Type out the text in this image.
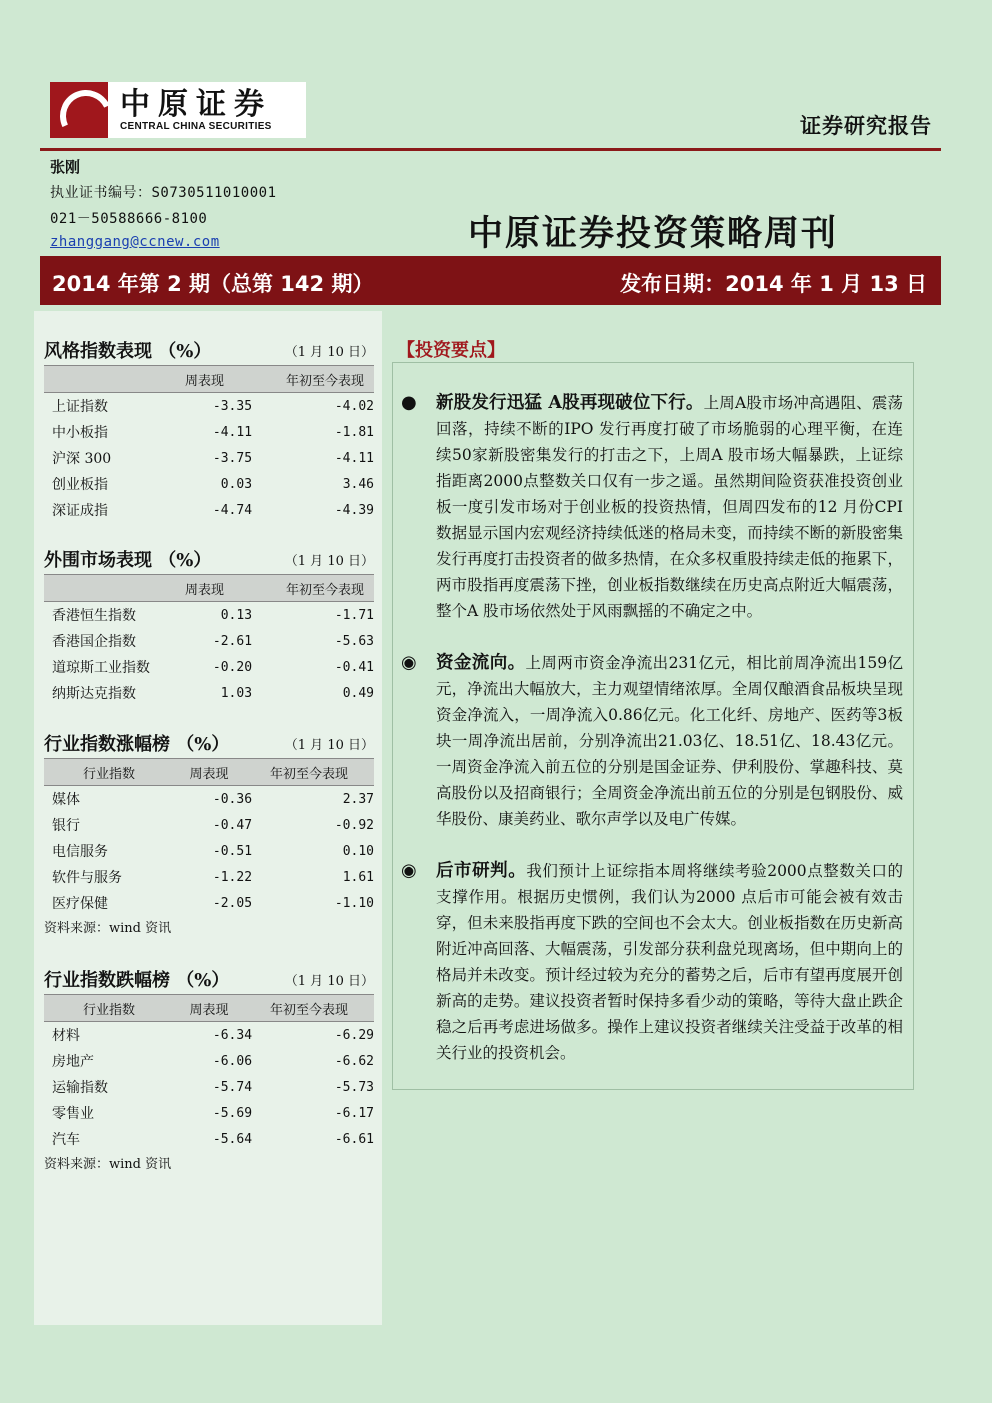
中原证券
CENTRAL CHINA SECURITIES	证券研究报告
张刚
执业证书编号：S0730511010001
021－50588666-8100
zhanggang@ccnew.com	中原证券投资策略周刊
2014 年第 2 期（总第 142 期）	发布日期：2014 年 1 月 13 日
风格指数表现 （%）	（1 月 10 日）
周表现	年初至今表现
上证指数	-3.35	-4.02
中小板指	-4.11	-1.81
沪深 300	-3.75	-4.11
创业板指	0.03	3.46
深证成指	-4.74	-4.39
外围市场表现 （%）	（1 月 10 日）
周表现	年初至今表现
香港恒生指数	0.13	-1.71
香港国企指数	-2.61	-5.63
道琼斯工业指数	-0.20	-0.41
纳斯达克指数	1.03	0.49
行业指数涨幅榜 （%）	（1 月 10 日）
行业指数	周表现	年初至今表现
媒体	-0.36	2.37
银行	-0.47	-0.92
电信服务	-0.51	0.10
软件与服务	-1.22	1.61
医疗保健	-2.05	-1.10
资料来源：wind 资讯
行业指数跌幅榜 （%）	（1 月 10 日）
行业指数	周表现	年初至今表现
材料	-6.34	-6.29
房地产	-6.06	-6.62
运输指数	-5.74	-5.73
零售业	-5.69	-6.17
汽车	-5.64	-6.61
资料来源：wind 资讯
【投资要点】
● 新股发行迅猛 A股再现破位下行。上周A股市场冲高遇阻、震荡回落，持续不断的IPO 发行再度打破了市场脆弱的心理平衡，在连续50家新股密集发行的打击之下，上周A 股市场大幅暴跌，上证综指距离2000点整数关口仅有一步之遥。虽然期间险资获准投资创业板一度引发市场对于创业板的投资热情，但周四发布的12 月份CPI 数据显示国内宏观经济持续低迷的格局未变，而持续不断的新股密集发行再度打击投资者的做多热情，在众多权重股持续走低的拖累下，两市股指再度震荡下挫，创业板指数继续在历史高点附近大幅震荡，整个A 股市场依然处于风雨飘摇的不确定之中。
◉ 资金流向。上周两市资金净流出231亿元，相比前周净流出159亿元，净流出大幅放大，主力观望情绪浓厚。全周仅酿酒食品板块呈现资金净流入，一周净流入0.86亿元。化工化纤、房地产、医药等3板块一周净流出居前，分别净流出21.03亿、18.51亿、18.43亿元。一周资金净流入前五位的分别是国金证券、伊利股份、掌趣科技、莫高股份以及招商银行；全周资金净流出前五位的分别是包钢股份、威华股份、康美药业、歌尔声学以及电广传媒。
◉ 后市研判。我们预计上证综指本周将继续考验2000点整数关口的支撑作用。根据历史惯例，我们认为2000 点后市可能会被有效击穿，但未来股指再度下跌的空间也不会太大。创业板指数在历史新高附近冲高回落、大幅震荡，引发部分获利盘兑现离场，但中期向上的格局并未改变。预计经过较为充分的蓄势之后，后市有望再度展开创新高的走势。建议投资者暂时保持多看少动的策略，等待大盘止跌企稳之后再考虑进场做多。操作上建议投资者继续关注受益于改革的相关行业的投资机会。
